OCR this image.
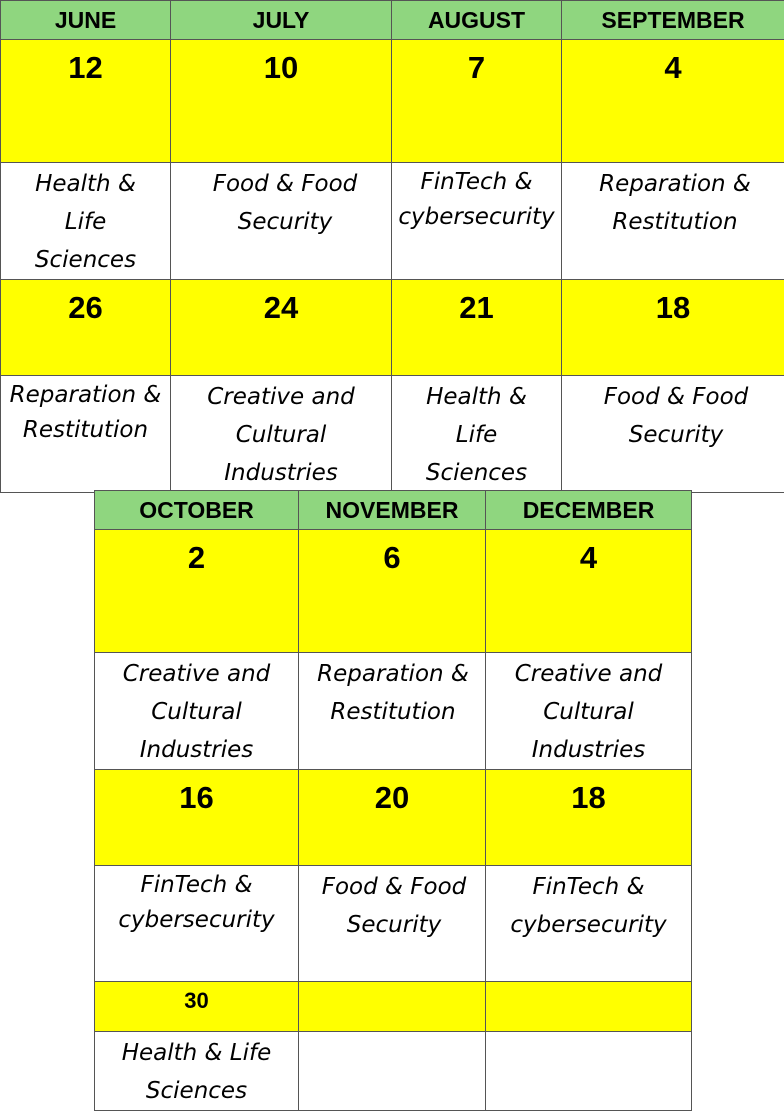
JUNE	JULY	AUGUST	SEPTEMBER
12	10	7	4
Health & Life Sciences	Food & Food Security	FinTech & cybersecurity	Reparation & Restitution
26	24	21	18
Reparation & Restitution	Creative and Cultural Industries	Health & Life Sciences	Food & Food Security
OCTOBER	NOVEMBER	DECEMBER
2	6	4
Creative and Cultural Industries	Reparation & Restitution	Creative and Cultural Industries
16	20	18
FinTech & cybersecurity	Food & Food Security	FinTech & cybersecurity
30		
Health & Life Sciences		
